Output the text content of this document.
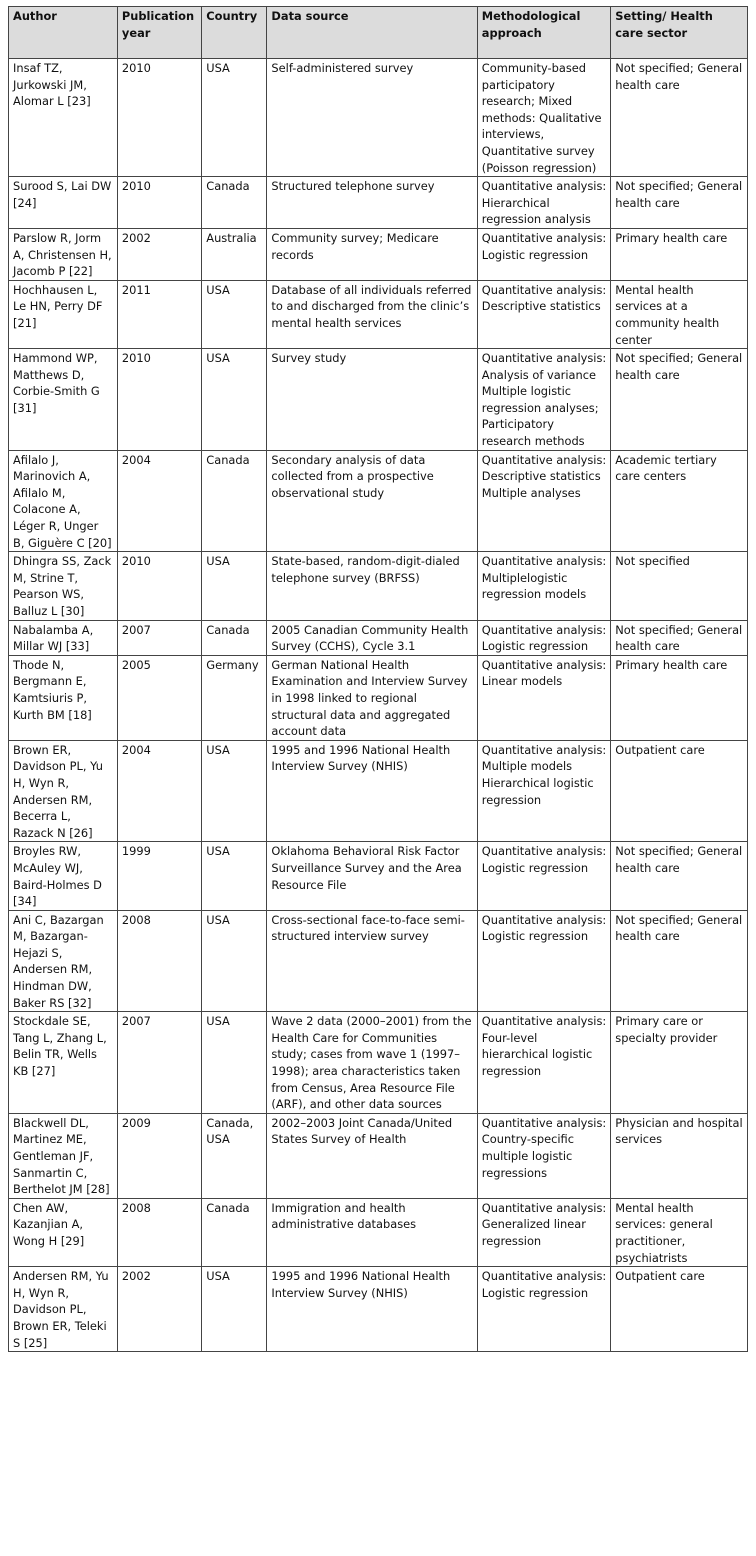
Author	Publication year	Country	Data source	Methodological approach	Setting/ Health care sector
Insaf TZ, Jurkowski JM, Alomar L [23]	2010	USA	Self-administered survey	Community-based participatory research; Mixed methods: Qualitative interviews, Quantitative survey (Poisson regression)	Not specified; General health care
Surood S, Lai DW [24]	2010	Canada	Structured telephone survey	Quantitative analysis: Hierarchical regression analysis	Not specified; General health care
Parslow R, Jorm A, Christensen H, Jacomb P [22]	2002	Australia	Community survey; Medicare records	Quantitative analysis: Logistic regression	Primary health care
Hochhausen L, Le HN, Perry DF [21]	2011	USA	Database of all individuals referred to and discharged from the clinic’s mental health services	Quantitative analysis: Descriptive statistics	Mental health services at a community health center
Hammond WP, Matthews D, Corbie-Smith G [31]	2010	USA	Survey study	Quantitative analysis: Analysis of variance Multiple logistic regression analyses; Participatory research methods	Not specified; General health care
Afilalo J, Marinovich A, Afilalo M, Colacone A, Léger R, Unger B, Giguère C [20]	2004	Canada	Secondary analysis of data collected from a prospective observational study	Quantitative analysis: Descriptive statistics Multiple analyses	Academic tertiary care centers
Dhingra SS, Zack M, Strine T, Pearson WS, Balluz L [30]	2010	USA	State-based, random-digit-dialed telephone survey (BRFSS)	Quantitative analysis: Multiplelogistic regression models	Not specified
Nabalamba A, Millar WJ [33]	2007	Canada	2005 Canadian Community Health Survey (CCHS), Cycle 3.1	Quantitative analysis: Logistic regression	Not specified; General health care
Thode N, Bergmann E, Kamtsiuris P, Kurth BM [18]	2005	Germany	German National Health Examination and Interview Survey in 1998 linked to regional structural data and aggregated account data	Quantitative analysis: Linear models	Primary health care
Brown ER, Davidson PL, Yu H, Wyn R, Andersen RM, Becerra L, Razack N [26]	2004	USA	1995 and 1996 National Health Interview Survey (NHIS)	Quantitative analysis: Multiple models Hierarchical logistic regression	Outpatient care
Broyles RW, McAuley WJ, Baird-Holmes D [34]	1999	USA	Oklahoma Behavioral Risk Factor Surveillance Survey and the Area Resource File	Quantitative analysis: Logistic regression	Not specified; General health care
Ani C, Bazargan M, Bazargan-Hejazi S, Andersen RM, Hindman DW, Baker RS [32]	2008	USA	Cross-sectional face-to-face semi-structured interview survey	Quantitative analysis: Logistic regression	Not specified; General health care
Stockdale SE, Tang L, Zhang L, Belin TR, Wells KB [27]	2007	USA	Wave 2 data (2000–2001) from the Health Care for Communities study; cases from wave 1 (1997–1998); area characteristics taken from Census, Area Resource File (ARF), and other data sources	Quantitative analysis: Four-level hierarchical logistic regression	Primary care or specialty provider
Blackwell DL, Martinez ME, Gentleman JF, Sanmartin C, Berthelot JM [28]	2009	Canada, USA	2002–2003 Joint Canada/United States Survey of Health	Quantitative analysis: Country-specific multiple logistic regressions	Physician and hospital services
Chen AW, Kazanjian A, Wong H [29]	2008	Canada	Immigration and health administrative databases	Quantitative analysis: Generalized linear regression	Mental health services: general practitioner, psychiatrists
Andersen RM, Yu H, Wyn R, Davidson PL, Brown ER, Teleki S [25]	2002	USA	1995 and 1996 National Health Interview Survey (NHIS)	Quantitative analysis: Logistic regression	Outpatient care
